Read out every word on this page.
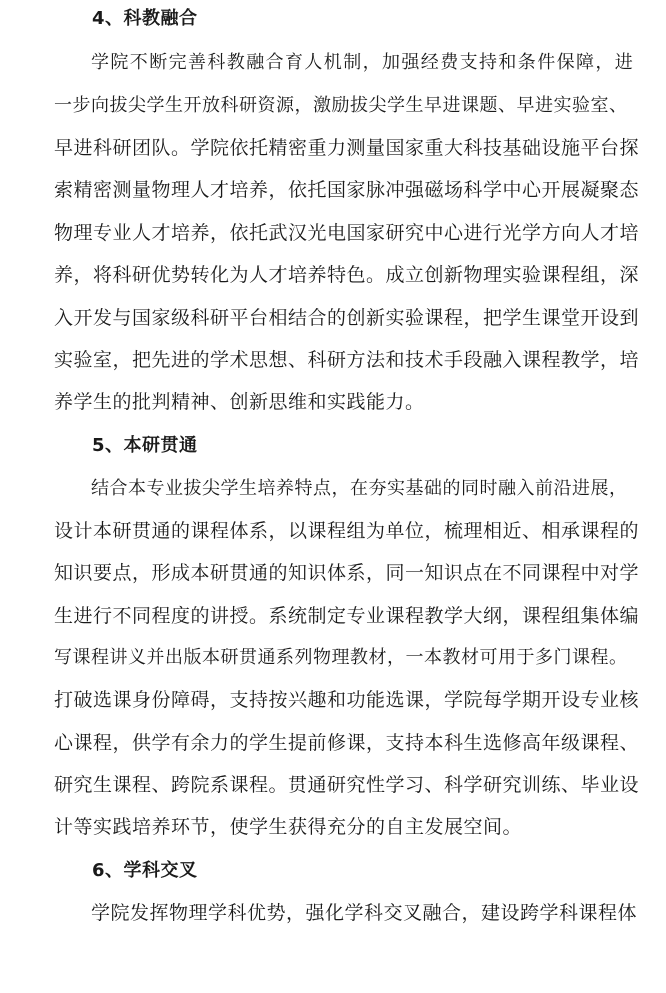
4、科教融合
学院不断完善科教融合育人机制，加强经费支持和条件保障，进
一步向拔尖学生开放科研资源，激励拔尖学生早进课题、早进实验室、
早进科研团队。学院依托精密重力测量国家重大科技基础设施平台探
索精密测量物理人才培养，依托国家脉冲强磁场科学中心开展凝聚态
物理专业人才培养，依托武汉光电国家研究中心进行光学方向人才培
养，将科研优势转化为人才培养特色。成立创新物理实验课程组，深
入开发与国家级科研平台相结合的创新实验课程，把学生课堂开设到
实验室，把先进的学术思想、科研方法和技术手段融入课程教学，培
养学生的批判精神、创新思维和实践能力。
5、本研贯通
结合本专业拔尖学生培养特点，在夯实基础的同时融入前沿进展，
设计本研贯通的课程体系，以课程组为单位，梳理相近、相承课程的
知识要点，形成本研贯通的知识体系，同一知识点在不同课程中对学
生进行不同程度的讲授。系统制定专业课程教学大纲，课程组集体编
写课程讲义并出版本研贯通系列物理教材，一本教材可用于多门课程。
打破选课身份障碍，支持按兴趣和功能选课，学院每学期开设专业核
心课程，供学有余力的学生提前修课，支持本科生选修高年级课程、
研究生课程、跨院系课程。贯通研究性学习、科学研究训练、毕业设
计等实践培养环节，使学生获得充分的自主发展空间。
6、学科交叉
学院发挥物理学科优势，强化学科交叉融合，建设跨学科课程体
